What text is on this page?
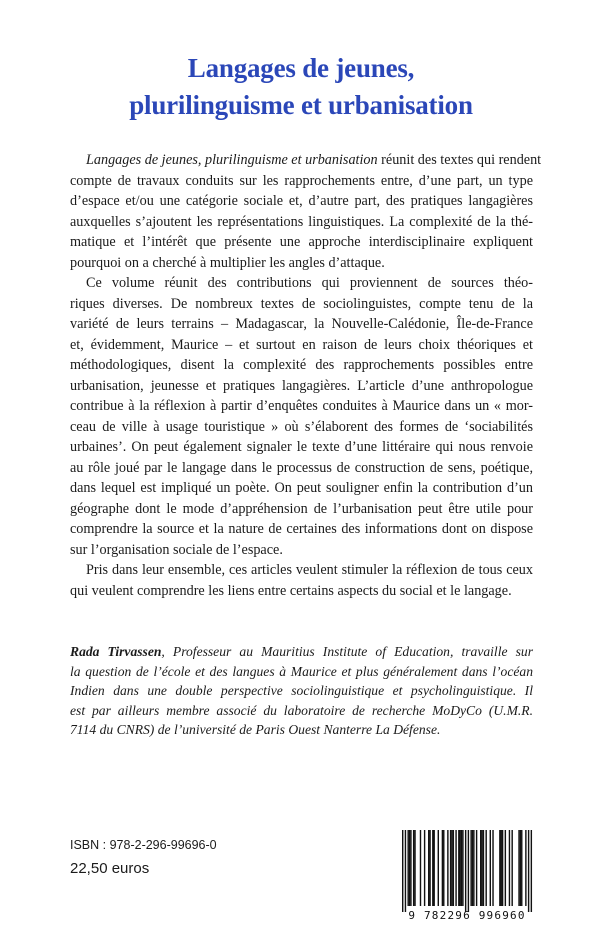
Langages de jeunes,
plurilinguisme et urbanisation

Langages de jeunes, plurilinguisme et urbanisation réunit des textes qui rendent

compte de travaux conduits sur les rapprochements entre, d’une part, un type
d’espace et/ou une catégorie sociale et, d’autre part, des pratiques langagières
auxquelles s’ajoutent les représentations linguistiques. La complexité de la thé-
matique et l’intérêt que présente une approche interdisciplinaire expliquent
pourquoi on a cherché à multiplier les angles d’attaque.

Ce volume réunit des contributions qui proviennent de sources théo-

riques diverses. De nombreux textes de sociolinguistes, compte tenu de la
variété de leurs terrains – Madagascar, la Nouvelle-Calédonie, Île-de-France
et, évidemment, Maurice – et surtout en raison de leurs choix théoriques et
méthodologiques, disent la complexité des rapprochements possibles entre
urbanisation, jeunesse et pratiques langagières. L’article d’une anthropologue
contribue à la réflexion à partir d’enquêtes conduites à Maurice dans un « mor-
ceau de ville à usage touristique » où s’élaborent des formes de ‘sociabilités
urbaines’. On peut également signaler le texte d’une littéraire qui nous renvoie
au rôle joué par le langage dans le processus de construction de sens, poétique,
dans lequel est impliqué un poète. On peut souligner enfin la contribution d’un
géographe dont le mode d’appréhension de l’urbanisation peut être utile pour
comprendre la source et la nature de certaines des informations dont on dispose
sur l’organisation sociale de l’espace.

Pris dans leur ensemble, ces articles veulent stimuler la réflexion de tous ceux

qui veulent comprendre les liens entre certains aspects du social et le langage.

Rada Tirvassen, Professeur au Mauritius Institute of Education, travaille sur
la question de l’école et des langues à Maurice et plus généralement dans l’océan
Indien dans une double perspective sociolinguistique et psycholinguistique. Il
est par ailleurs membre associé du laboratoire de recherche MoDyCo (U.M.R.
7114 du CNRS) de l’université de Paris Ouest Nanterre La Défense.
ISBN : 978-2-296-99696-0
22,50 euros
9 782296 996960
